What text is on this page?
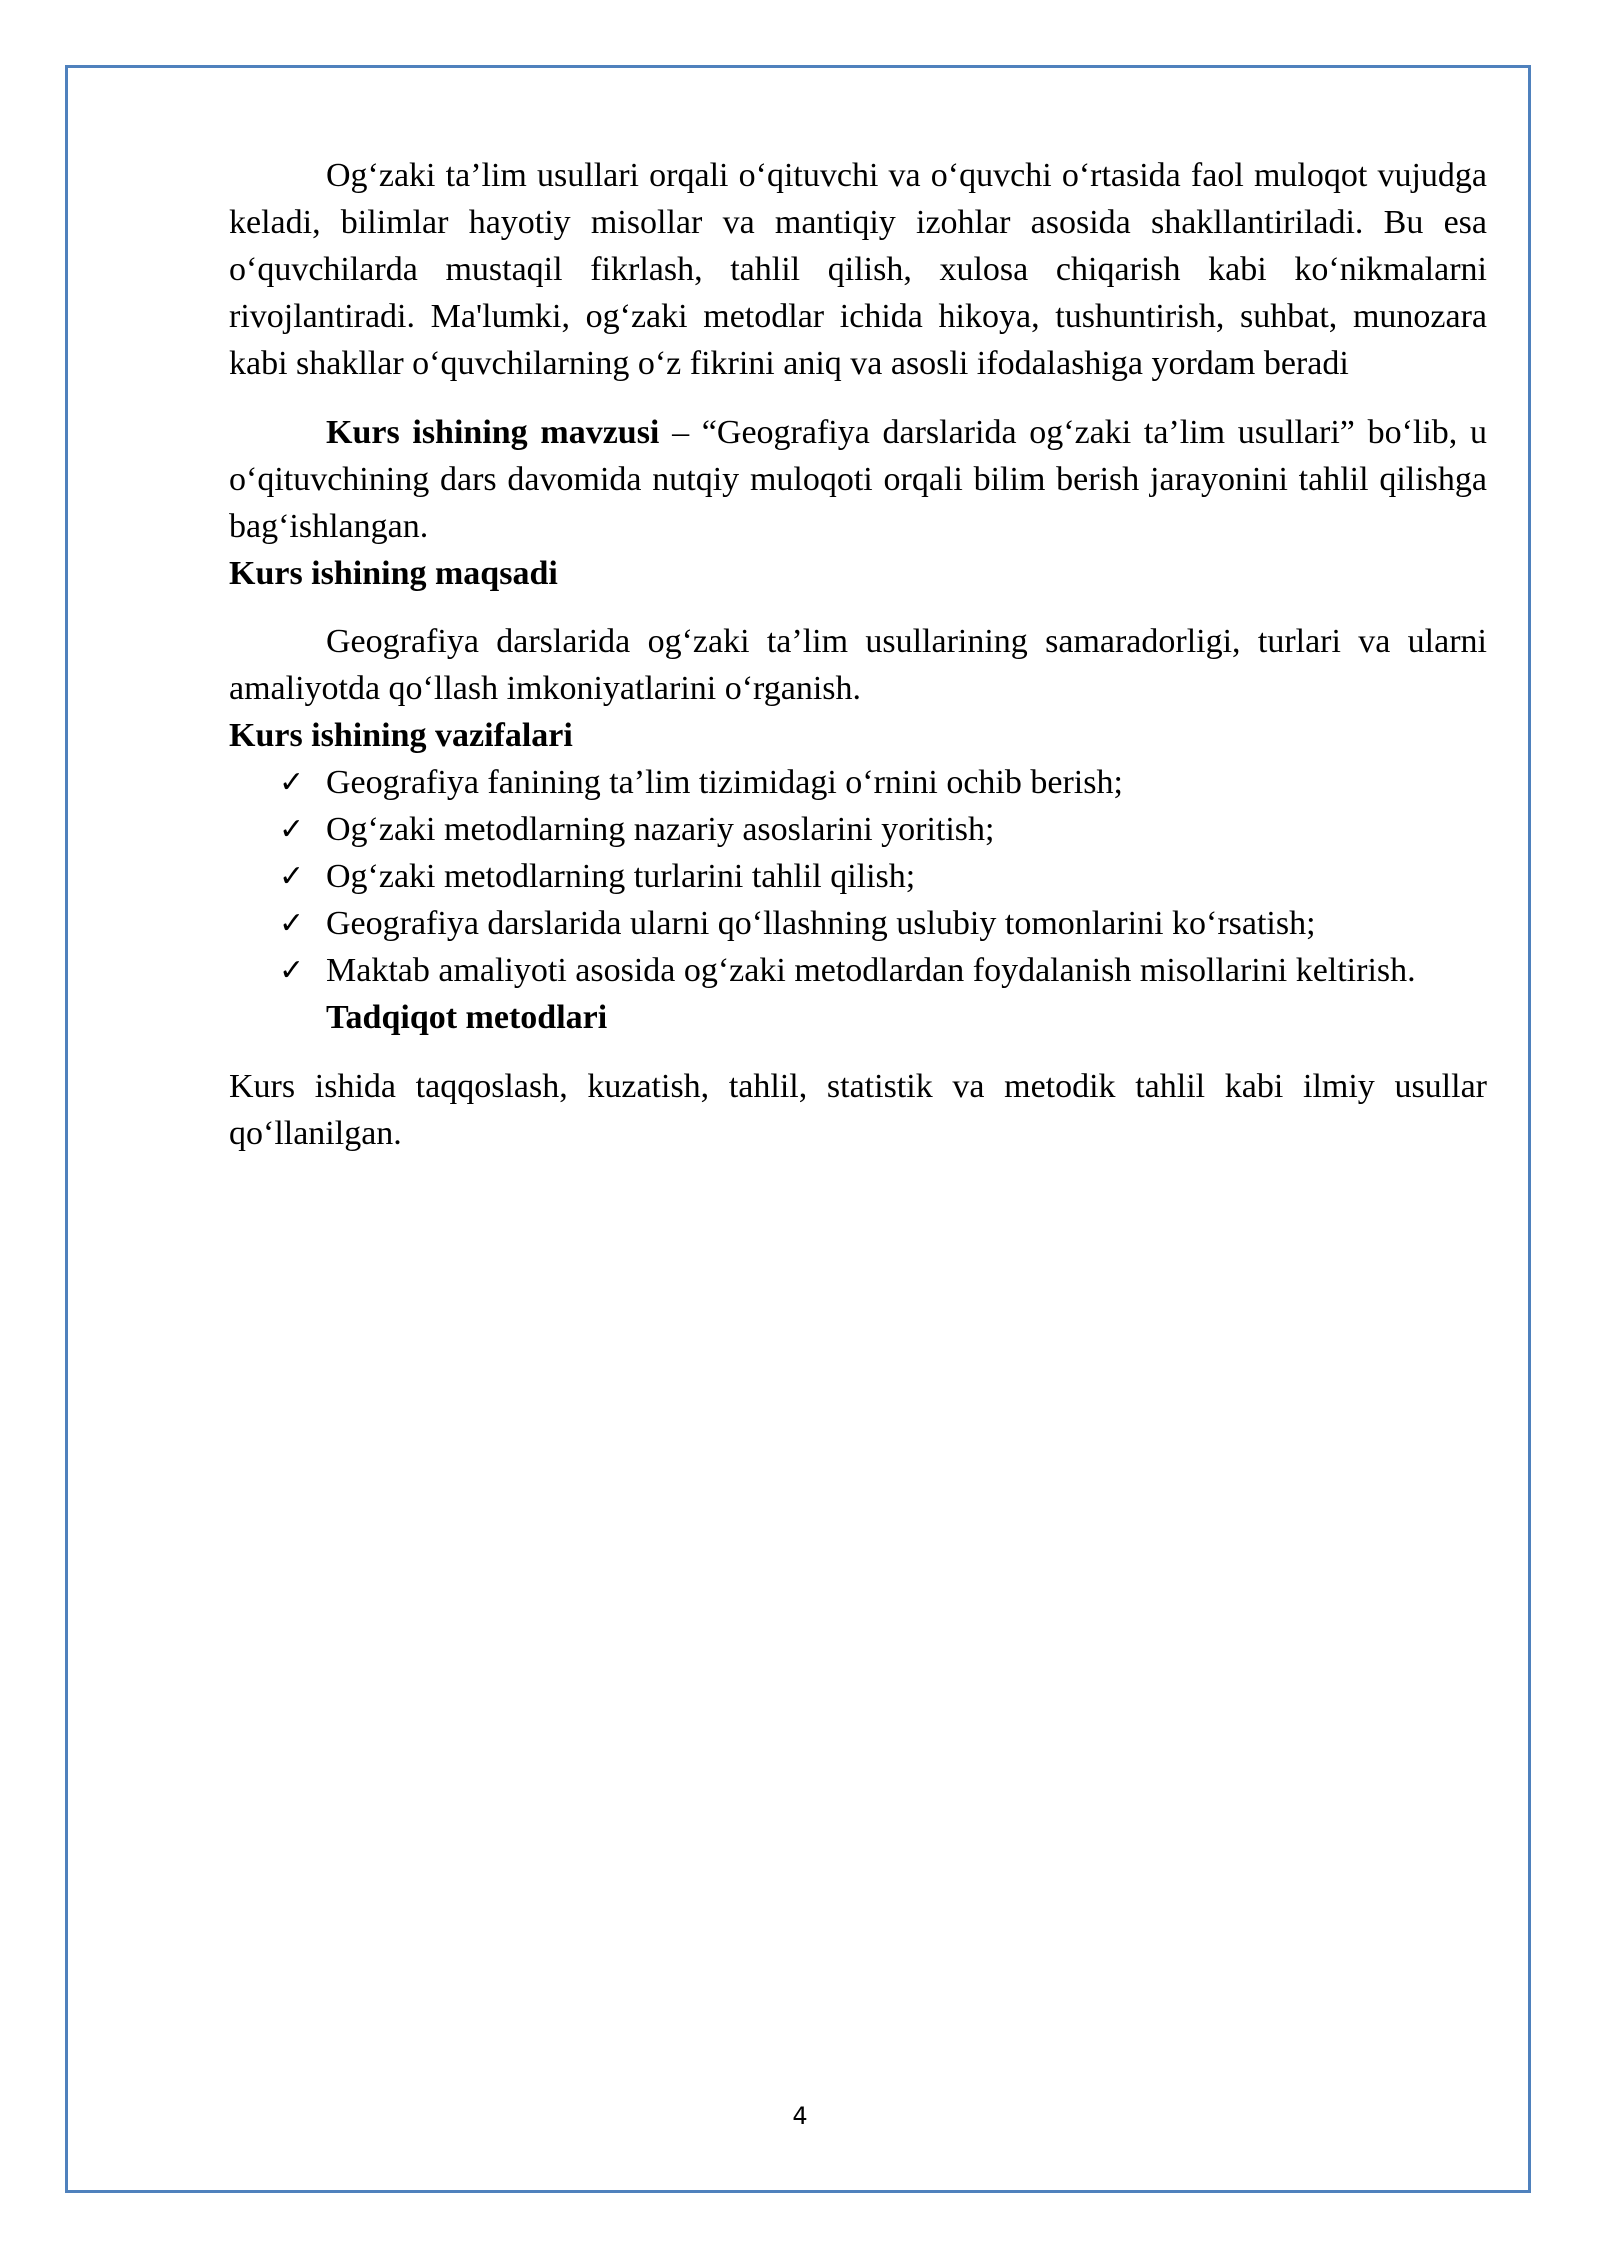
Og‘zaki ta’lim usullari orqali o‘qituvchi va o‘quvchi o‘rtasida faol muloqot vujudga keladi, bilimlar hayotiy misollar va mantiqiy izohlar asosida shakllantiriladi. Bu esa o‘quvchilarda mustaqil fikrlash, tahlil qilish, xulosa chiqarish kabi ko‘nikmalarni rivojlantiradi. Ma'lumki, og‘zaki metodlar ichida hikoya, tushuntirish, suhbat, munozara kabi shakllar o‘quvchilarning o‘z fikrini aniq va asosli ifodalashiga yordam beradi

Kurs ishining mavzusi – “Geografiya darslarida og‘zaki ta’lim usullari” bo‘lib, u o‘qituvchining dars davomida nutqiy muloqoti orqali bilim berish jarayonini tahlil qilishga bag‘ishlangan.

Kurs ishining maqsadi

Geografiya darslarida og‘zaki ta’lim usullarining samaradorligi, turlari va ularni amaliyotda qo‘llash imkoniyatlarini o‘rganish.

Kurs ishining vazifalari

✓ Geografiya fanining ta’lim tizimidagi o‘rnini ochib berish;
✓ Og‘zaki metodlarning nazariy asoslarini yoritish;
✓ Og‘zaki metodlarning turlarini tahlil qilish;
✓ Geografiya darslarida ularni qo‘llashning uslubiy tomonlarini ko‘rsatish;
✓ Maktab amaliyoti asosida og‘zaki metodlardan foydalanish misollarini keltirish.

Tadqiqot metodlari

Kurs ishida taqqoslash, kuzatish, tahlil, statistik va metodik tahlil kabi ilmiy usullar qo‘llanilgan.

4
